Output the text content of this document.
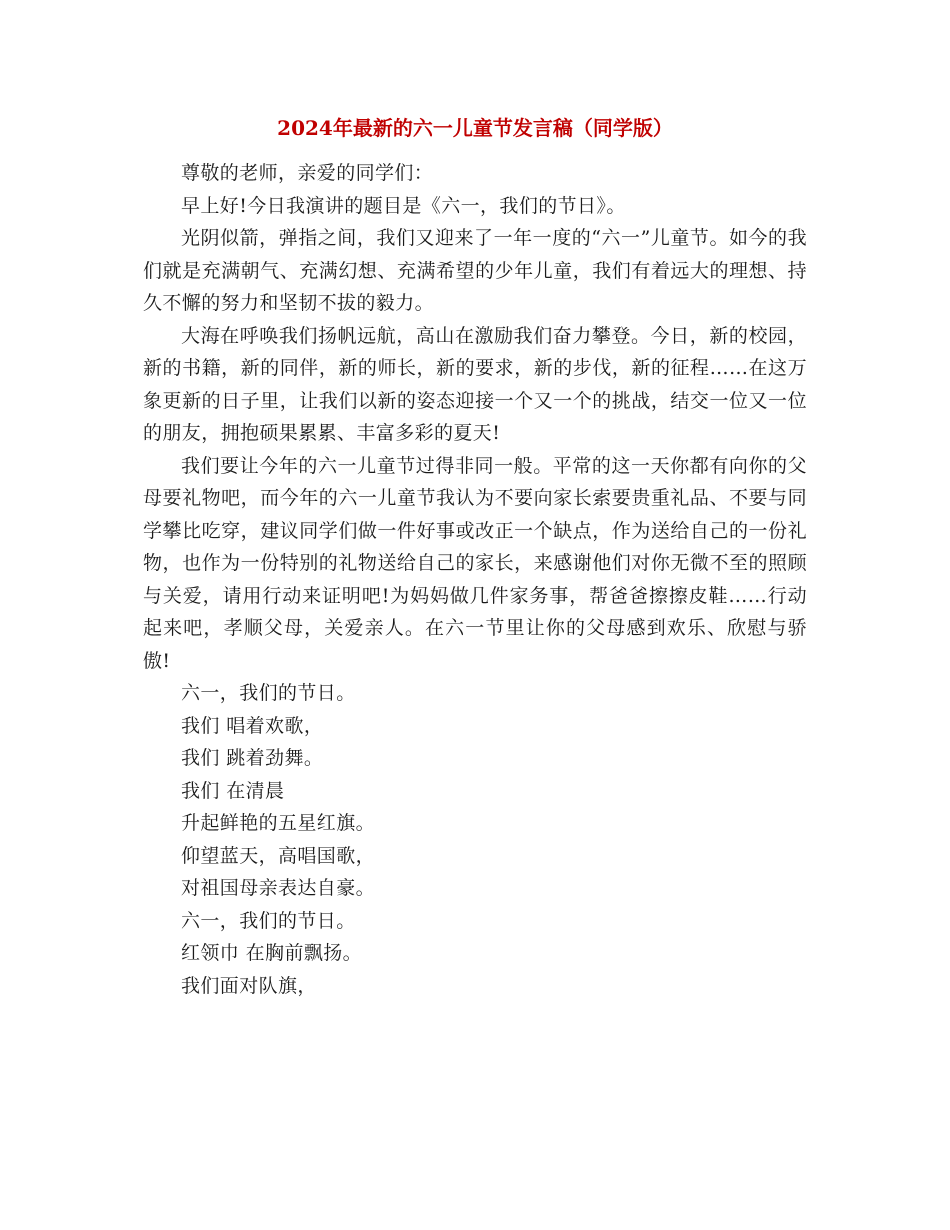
2024年最新的六一儿童节发言稿（同学版）

尊敬的老师，亲爱的同学们：

早上好!今日我演讲的题目是《六一，我们的节日》。

光阴似箭，弹指之间，我们又迎来了一年一度的“六一”儿童节。如今的我们就是充满朝气、充满幻想、充满希望的少年儿童，我们有着远大的理想、持久不懈的努力和坚韧不拔的毅力。

大海在呼唤我们扬帆远航，高山在激励我们奋力攀登。今日，新的校园，新的书籍，新的同伴，新的师长，新的要求，新的步伐，新的征程……在这万象更新的日子里，让我们以新的姿态迎接一个又一个的挑战，结交一位又一位的朋友，拥抱硕果累累、丰富多彩的夏天!

我们要让今年的六一儿童节过得非同一般。平常的这一天你都有向你的父母要礼物吧，而今年的六一儿童节我认为不要向家长索要贵重礼品、不要与同学攀比吃穿，建议同学们做一件好事或改正一个缺点，作为送给自己的一份礼物，也作为一份特别的礼物送给自己的家长，来感谢他们对你无微不至的照顾与关爱，请用行动来证明吧!为妈妈做几件家务事，帮爸爸擦擦皮鞋……行动起来吧，孝顺父母，关爱亲人。在六一节里让你的父母感到欢乐、欣慰与骄傲!

六一，我们的节日。

我们 唱着欢歌，

我们 跳着劲舞。

我们 在清晨

升起鲜艳的五星红旗。

仰望蓝天，高唱国歌，

对祖国母亲表达自豪。

六一，我们的节日。

红领巾 在胸前飘扬。

我们面对队旗，
